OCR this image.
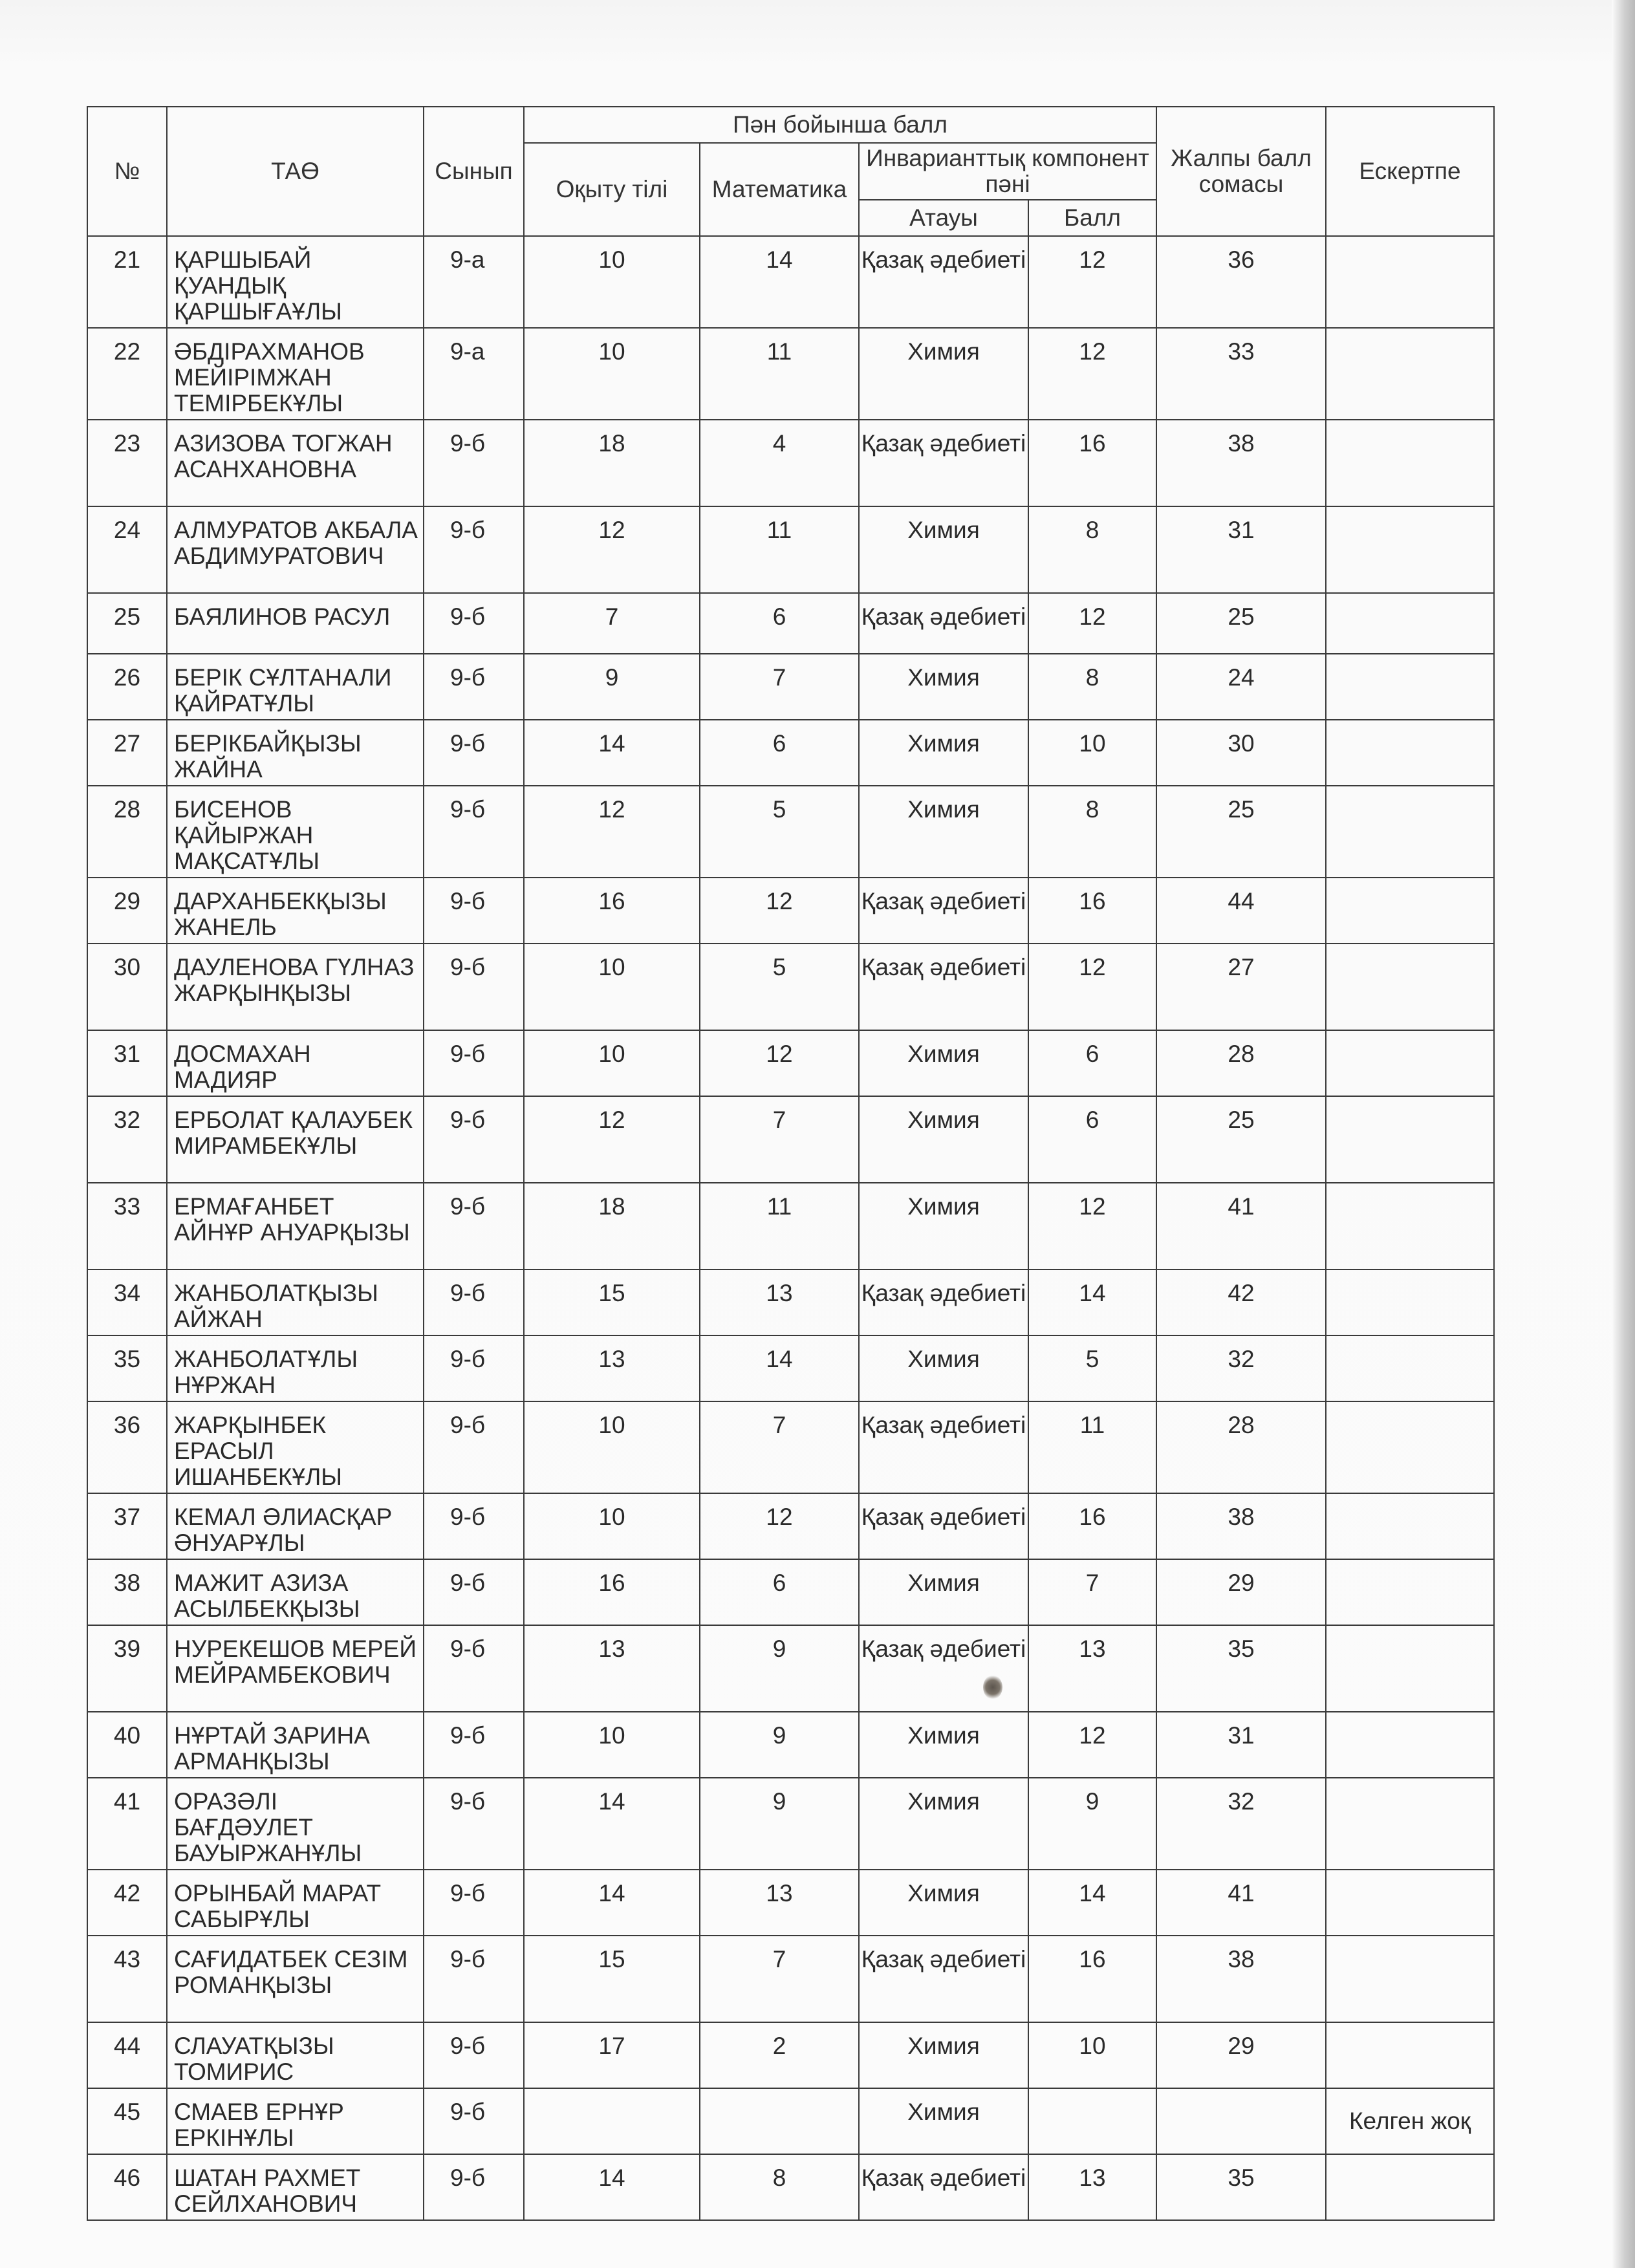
№	ТАӨ	Сынып	Пән бойынша балл				Жалпы балл сомасы	Ескертпе
			Оқыту тілі	Математика	Инварианттық компонент пәні			
					Атауы	Балл		
21	ҚАРШЫБАЙ ҚУАНДЫҚ ҚАРШЫҒАҰЛЫ	9-а	10	14	Қазақ әдебиеті	12	36	
22	ӘБДІРАХМАНОВ МЕЙІРІМЖАН ТЕМІРБЕКҰЛЫ	9-а	10	11	Химия	12	33	
23	АЗИЗОВА ТОГЖАН АСАНХАНОВНА	9-б	18	4	Қазақ әдебиеті	16	38	
24	АЛМУРАТОВ АКБАЛА АБДИМУРАТОВИЧ	9-б	12	11	Химия	8	31	
25	БАЯЛИНОВ РАСУЛ	9-б	7	6	Қазақ әдебиеті	12	25	
26	БЕРІК СҰЛТАНАЛИ ҚАЙРАТҰЛЫ	9-б	9	7	Химия	8	24	
27	БЕРІКБАЙҚЫЗЫ ЖАЙНА	9-б	14	6	Химия	10	30	
28	БИСЕНОВ ҚАЙЫРЖАН МАҚСАТҰЛЫ	9-б	12	5	Химия	8	25	
29	ДАРХАНБЕКҚЫЗЫ ЖАНЕЛЬ	9-б	16	12	Қазақ әдебиеті	16	44	
30	ДАУЛЕНОВА ГҮЛНАЗ ЖАРҚЫНҚЫЗЫ	9-б	10	5	Қазақ әдебиеті	12	27	
31	ДОСМАХАН МАДИЯР	9-б	10	12	Химия	6	28	
32	ЕРБОЛАТ ҚАЛАУБЕК МИРАМБЕКҰЛЫ	9-б	12	7	Химия	6	25	
33	ЕРМАҒАНБЕТ АЙНҰР АНУАРҚЫЗЫ	9-б	18	11	Химия	12	41	
34	ЖАНБОЛАТҚЫЗЫ АЙЖАН	9-б	15	13	Қазақ әдебиеті	14	42	
35	ЖАНБОЛАТҰЛЫ НҰРЖАН	9-б	13	14	Химия	5	32	
36	ЖАРҚЫНБЕК ЕРАСЫЛ ИШАНБЕКҰЛЫ	9-б	10	7	Қазақ әдебиеті	11	28	
37	КЕМАЛ ӘЛИАСҚАР ӘНУАРҰЛЫ	9-б	10	12	Қазақ әдебиеті	16	38	
38	МАЖИТ АЗИЗА АСЫЛБЕКҚЫЗЫ	9-б	16	6	Химия	7	29	
39	НУРЕКЕШОВ МЕРЕЙ МЕЙРАМБЕКОВИЧ	9-б	13	9	Қазақ әдебиеті	13	35	
40	НҰРТАЙ ЗАРИНА АРМАНҚЫЗЫ	9-б	10	9	Химия	12	31	
41	ОРАЗӘЛІ БАҒДӘУЛЕТ БАУЫРЖАНҰЛЫ	9-б	14	9	Химия	9	32	
42	ОРЫНБАЙ МАРАТ САБЫРҰЛЫ	9-б	14	13	Химия	14	41	
43	САҒИДАТБЕК СЕЗІМ РОМАНҚЫЗЫ	9-б	15	7	Қазақ әдебиеті	16	38	
44	СЛАУАТҚЫЗЫ ТОМИРИС	9-б	17	2	Химия	10	29	
45	СМАЕВ ЕРНҰР ЕРКІНҰЛЫ	9-б			Химия			Келген жоқ
46	ШАТАН РАХМЕТ СЕЙЛХАНОВИЧ	9-б	14	8	Қазақ әдебиеті	13	35	
